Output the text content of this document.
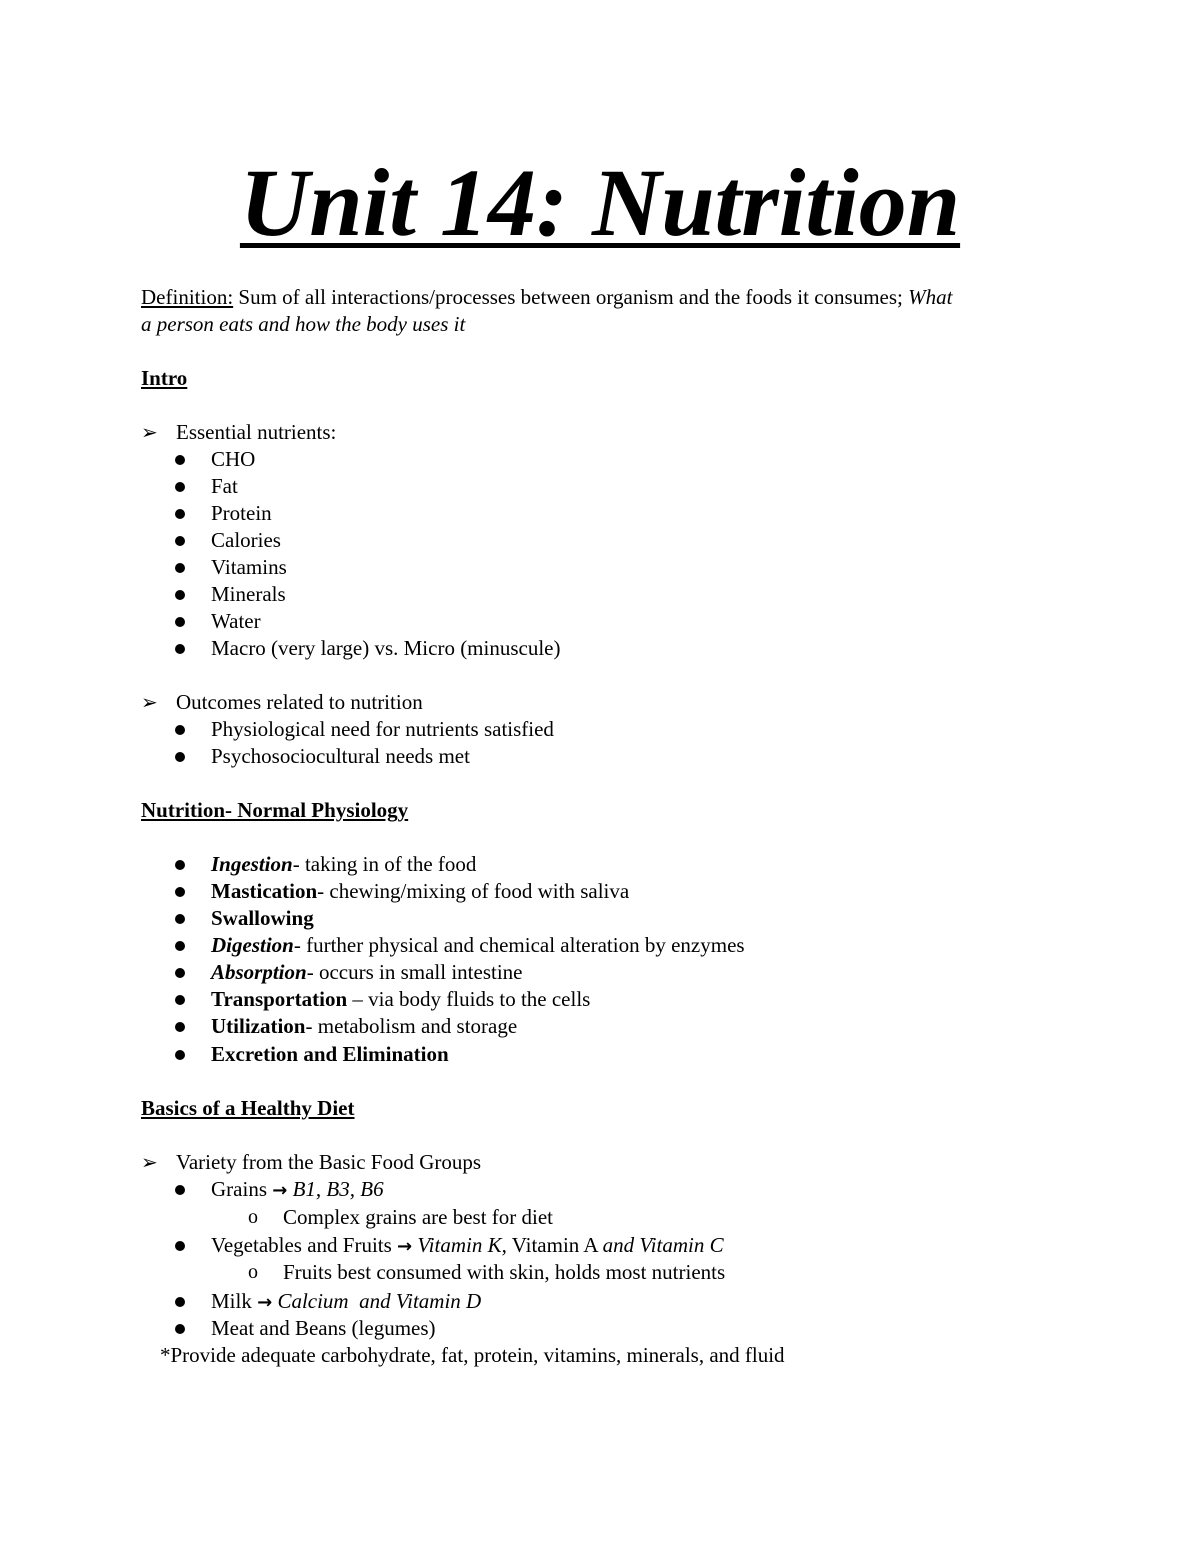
Unit 14: Nutrition
Definition: Sum of all interactions/processes between organism and the foods it consumes; What
a person eats and how the body uses it
Intro
➢ Essential nutrients:
CHO
Fat
Protein
Calories
Vitamins
Minerals
Water
Macro (very large) vs. Micro (minuscule)
➢ Outcomes related to nutrition
Physiological need for nutrients satisfied
Psychosociocultural needs met
Nutrition- Normal Physiology
Ingestion- taking in of the food
Mastication- chewing/mixing of food with saliva
Swallowing
Digestion- further physical and chemical alteration by enzymes
Absorption- occurs in small intestine
Transportation – via body fluids to the cells
Utilization- metabolism and storage
Excretion and Elimination
Basics of a Healthy Diet
➢ Variety from the Basic Food Groups
Grains → B1, B3, B6
o Complex grains are best for diet
Vegetables and Fruits → Vitamin K, Vitamin A and Vitamin C
o Fruits best consumed with skin, holds most nutrients
Milk → Calcium  and Vitamin D
Meat and Beans (legumes)
*Provide adequate carbohydrate, fat, protein, vitamins, minerals, and fluid
